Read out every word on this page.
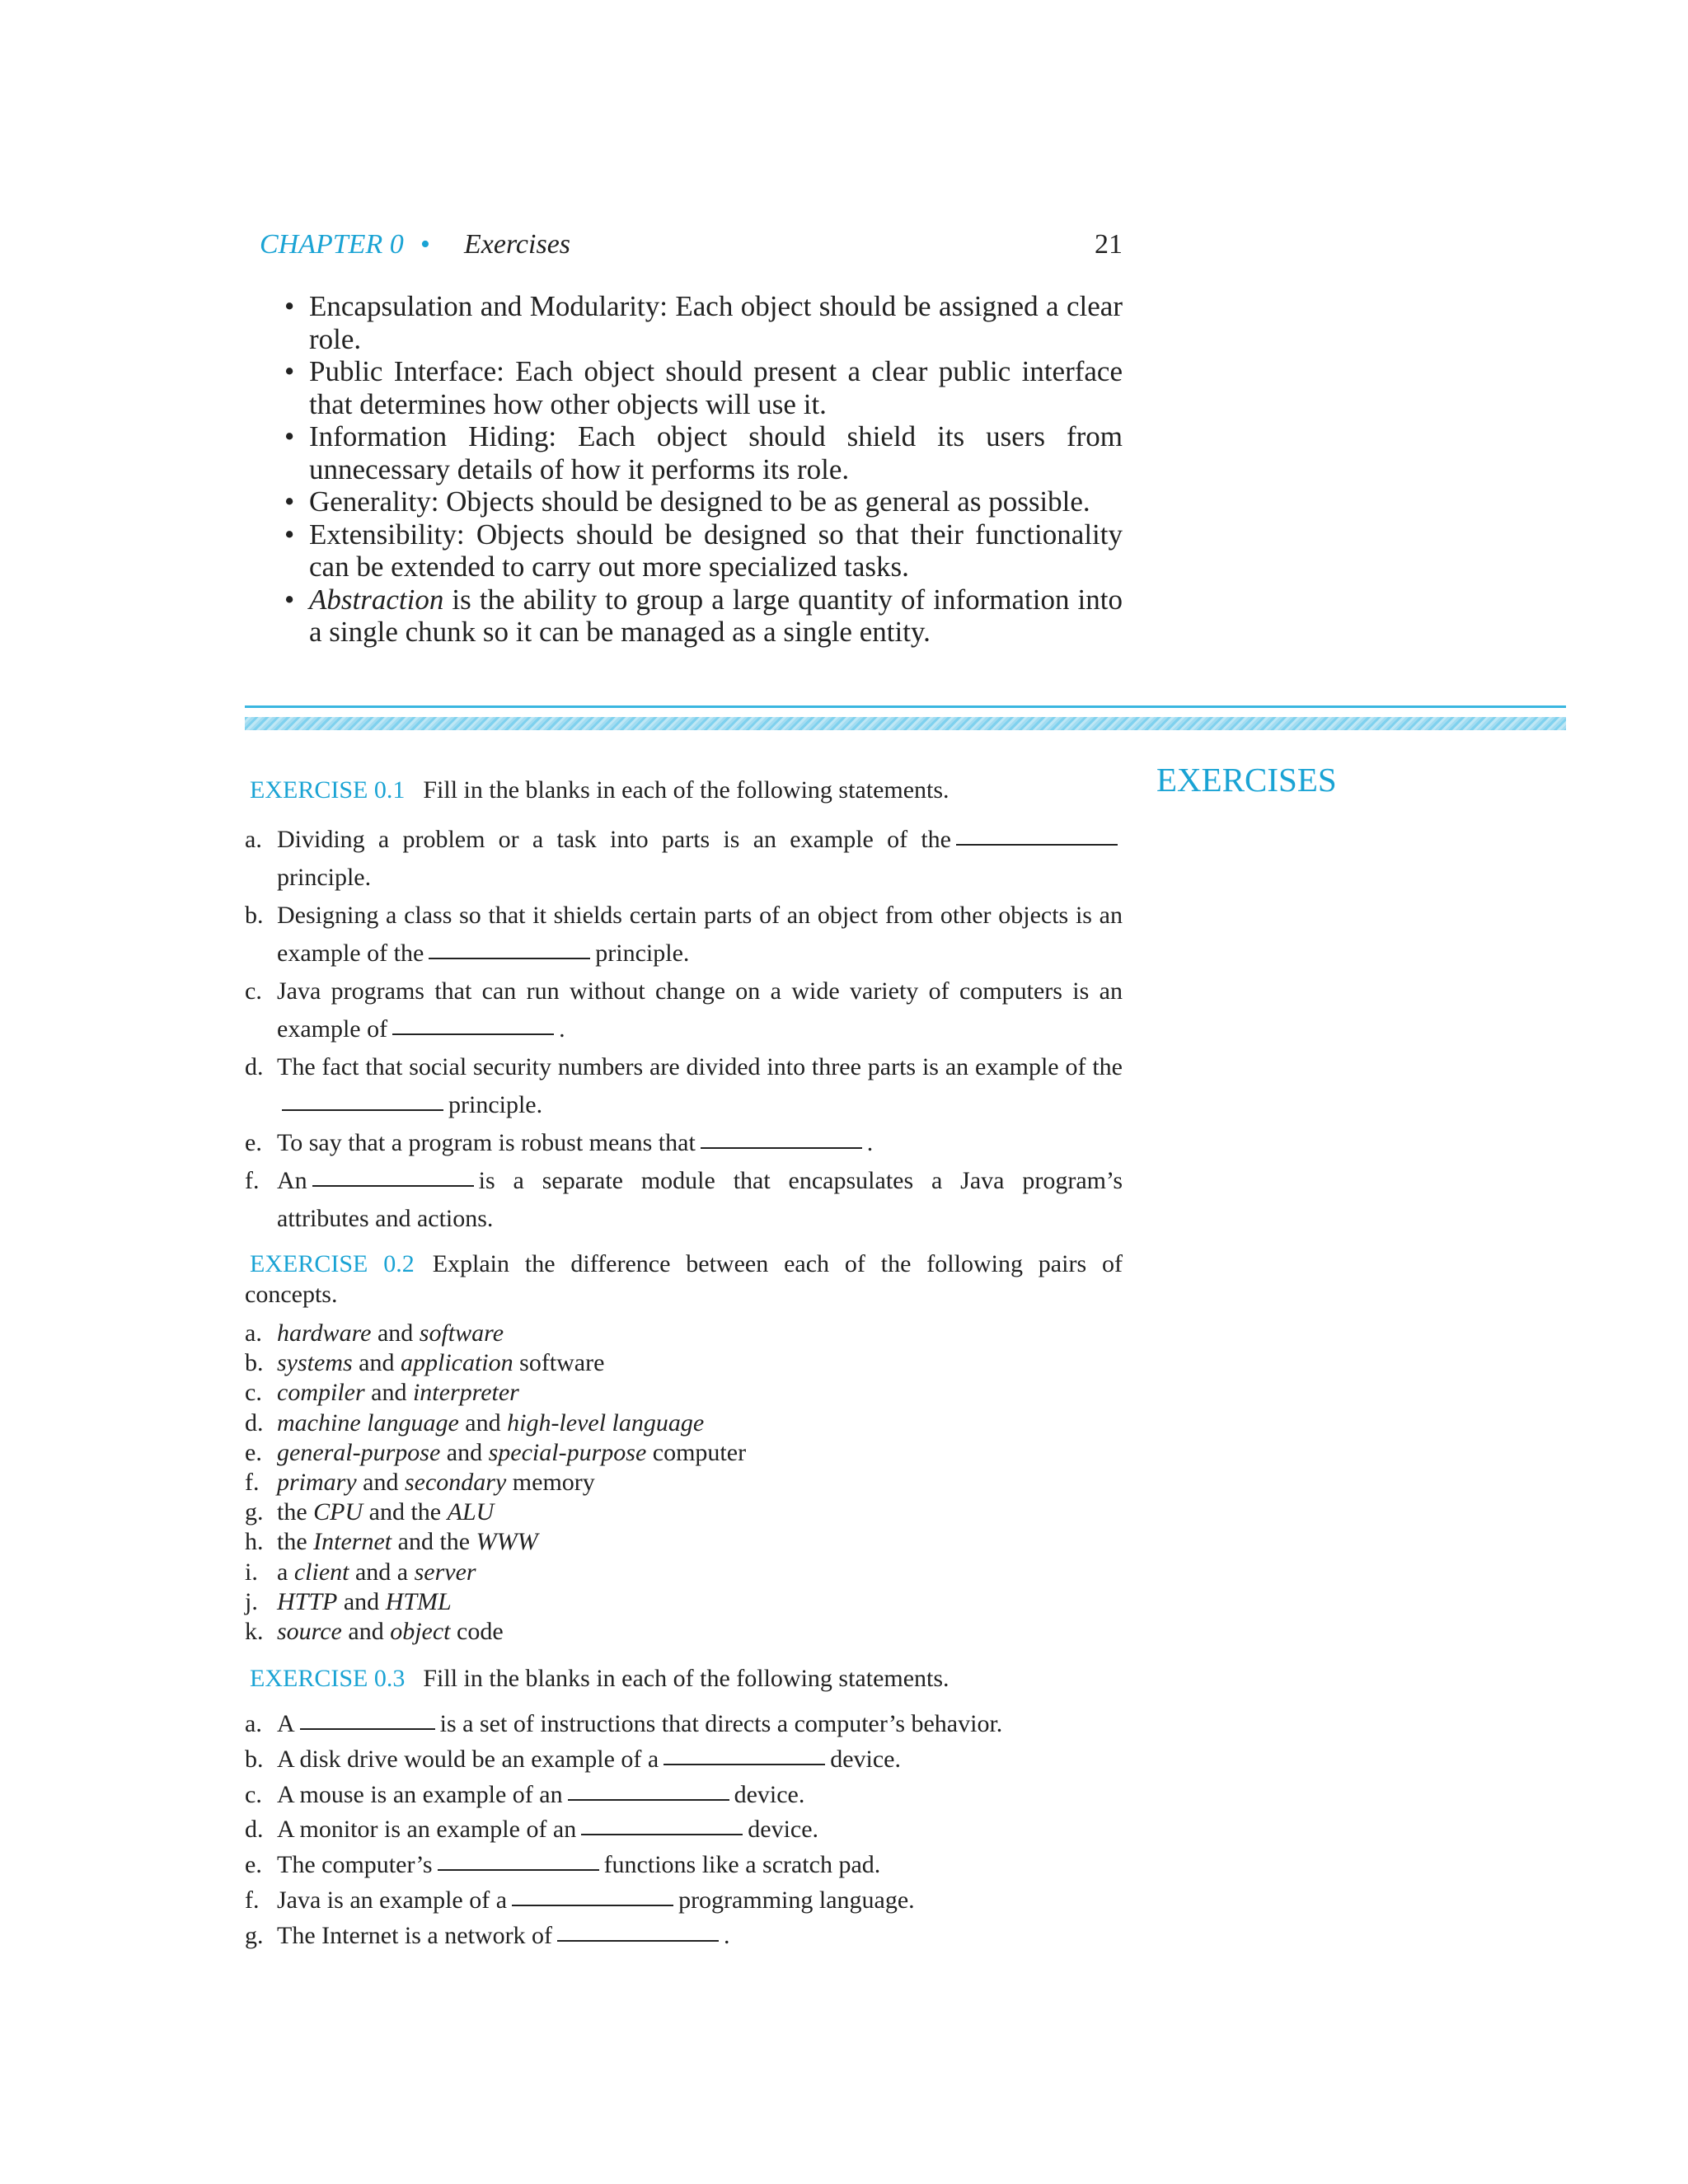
CHAPTER 0 • Exercises	21
• Encapsulation and Modularity: Each object should be assigned a clear role.
• Public Interface: Each object should present a clear public interface that determines how other objects will use it.
• Information Hiding: Each object should shield its users from unnecessary details of how it performs its role.
• Generality: Objects should be designed to be as general as possible.
• Extensibility: Objects should be designed so that their functionality can be extended to carry out more specialized tasks.
• Abstraction is the ability to group a large quantity of information into a single chunk so it can be managed as a single entity.
EXERCISES
EXERCISE 0.1 Fill in the blanks in each of the following statements.
a. Dividing a problem or a task into parts is an example of theprinciple.
b. Designing a class so that it shields certain parts of an object from other objects is an example of the	principle.
c. Java programs that can run without change on a wide variety of computers is an example of	.
d. The fact that social security numbers are divided into three parts is an example of theprinciple.
e. To say that a program is robust means that	.
f. An	is a separate module that encapsulates a Java program’s attributes and actions.
EXERCISE 0.2 Explain the difference between each of the following pairs of concepts.
a. hardware and software
b. systems and application software
c. compiler and interpreter
d. machine language and high-level language
e. general-purpose and special-purpose computer
f. primary and secondary memory
g. the CPU and the ALU
h. the Internet and the WWW
i. a client and a server
j. HTTP and HTML
k. source and object code
EXERCISE 0.3 Fill in the blanks in each of the following statements.
a. A	is a set of instructions that directs a computer’s behavior.
b. A disk drive would be an example of a	device.
c. A mouse is an example of an	device.
d. A monitor is an example of an	device.
e. The computer’s	functions like a scratch pad.
f. Java is an example of a	programming language.
g. The Internet is a network of	.
